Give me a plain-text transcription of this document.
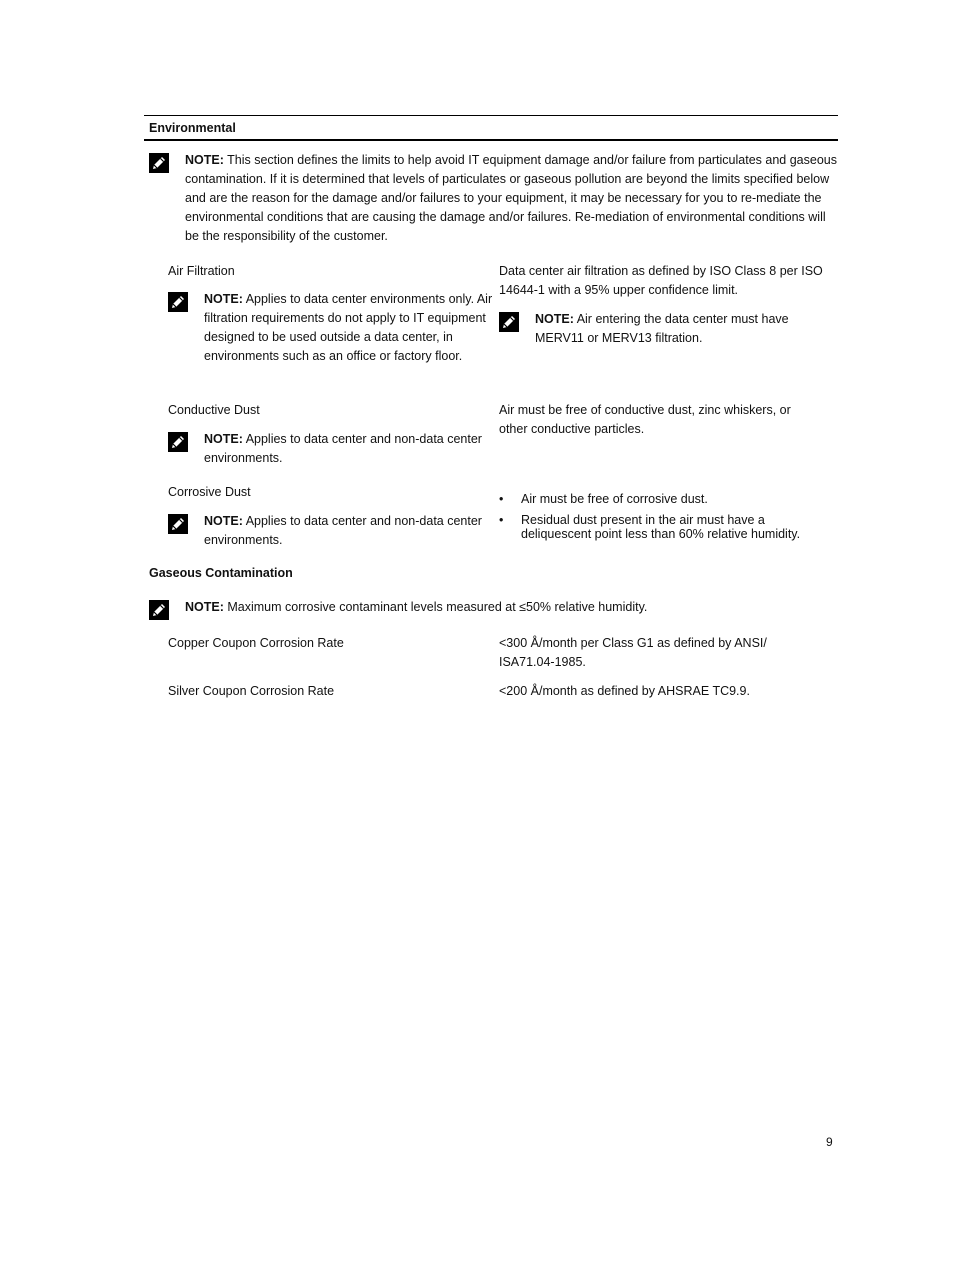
Environmental
NOTE: This section defines the limits to help avoid IT equipment damage and/or failure from particulates and gaseous contamination. If it is determined that levels of particulates or gaseous pollution are beyond the limits specified below and are the reason for the damage and/or failures to your equipment, it may be necessary for you to re-mediate the environmental conditions that are causing the damage and/or failures. Re-mediation of environmental conditions will be the responsibility of the customer.
Air Filtration
NOTE: Applies to data center environments only. Air filtration requirements do not apply to IT equipment designed to be used outside a data center, in environments such as an office or factory floor.
Data center air filtration as defined by ISO Class 8 per ISO 14644-1 with a 95% upper confidence limit.
NOTE: Air entering the data center must have MERV11 or MERV13 filtration.
Conductive Dust
NOTE: Applies to data center and non-data center environments.
Air must be free of conductive dust, zinc whiskers, or other conductive particles.
Corrosive Dust
NOTE: Applies to data center and non-data center environments.
• Air must be free of corrosive dust.
• Residual dust present in the air must have a deliquescent point less than 60% relative humidity.
Gaseous Contamination
NOTE: Maximum corrosive contaminant levels measured at ≤50% relative humidity.
Copper Coupon Corrosion Rate	<300 Å/month per Class G1 as defined by ANSI/ ISA71.04-1985.
Silver Coupon Corrosion Rate	<200 Å/month as defined by AHSRAE TC9.9.
9
